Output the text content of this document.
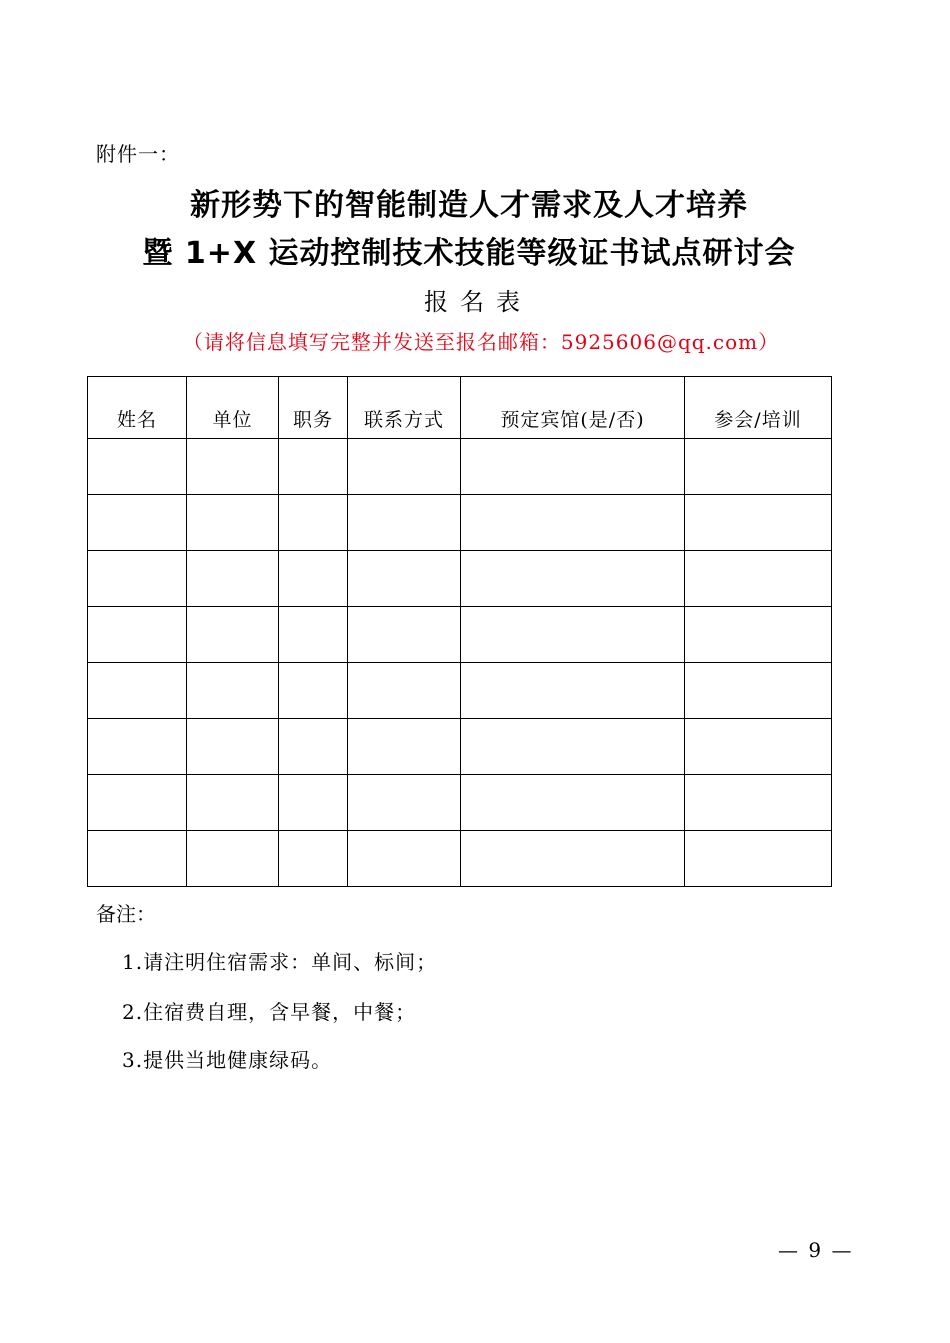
附件一：
新形势下的智能制造人才需求及人才培养
暨 1+X 运动控制技术技能等级证书试点研讨会
报名表
（请将信息填写完整并发送至报名邮箱：5925606@qq.com）
姓名	单位	职务	联系方式	预定宾馆(是/否)	参会/培训

备注：
1.请注明住宿需求：单间、标间；
2.住宿费自理，含早餐，中餐；
3.提供当地健康绿码。
— 9 —
